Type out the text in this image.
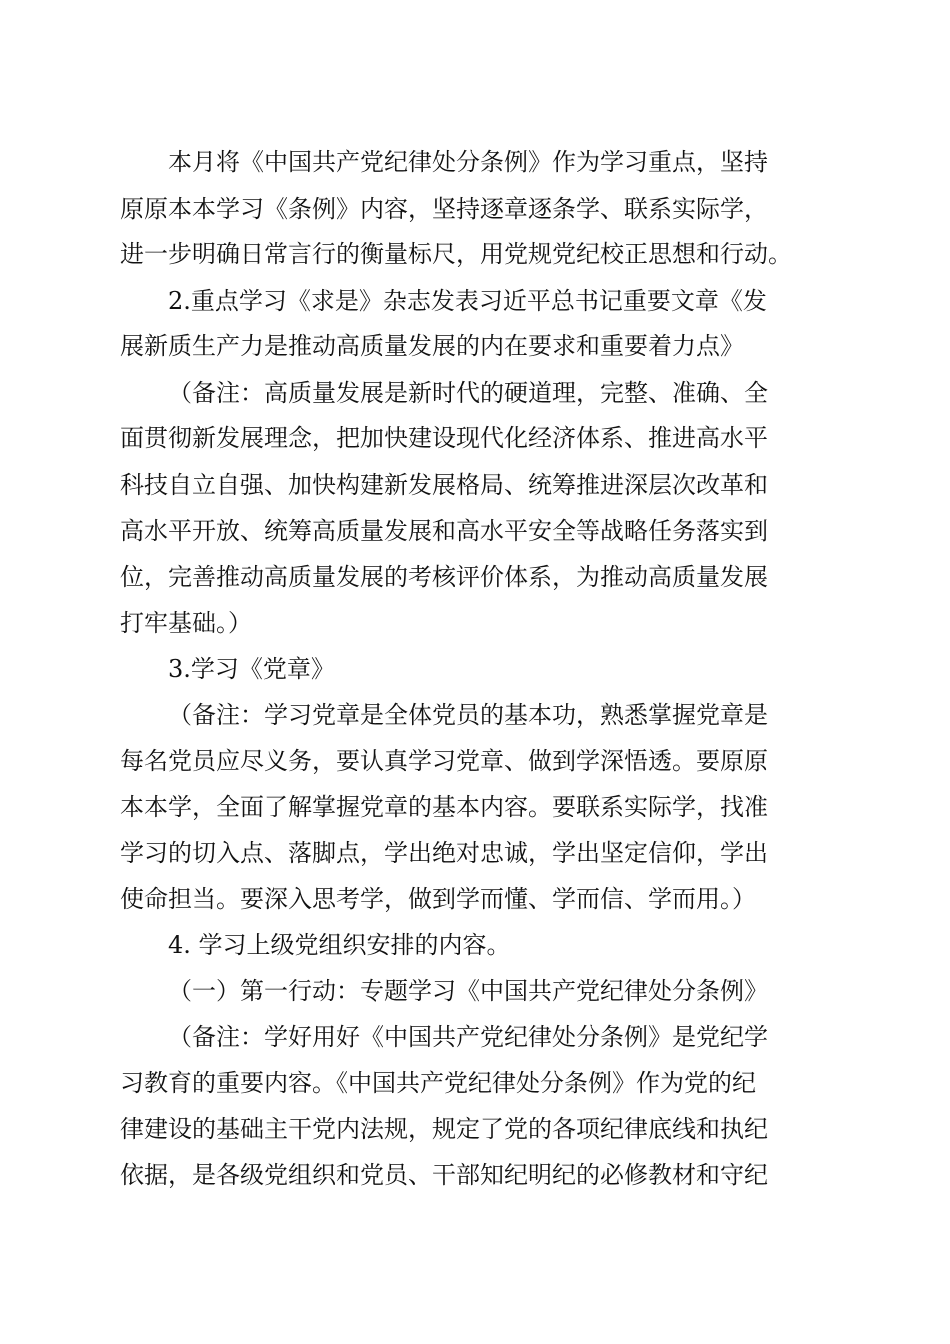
本月将《中国共产党纪律处分条例》作为学习重点，坚持
原原本本学习《条例》内容，坚持逐章逐条学、联系实际学，
进一步明确日常言行的衡量标尺，用党规党纪校正思想和行动。
2.重点学习《求是》杂志发表习近平总书记重要文章《发
展新质生产力是推动高质量发展的内在要求和重要着力点》
（备注：高质量发展是新时代的硬道理，完整、准确、全
面贯彻新发展理念，把加快建设现代化经济体系、推进高水平
科技自立自强、加快构建新发展格局、统筹推进深层次改革和
高水平开放、统筹高质量发展和高水平安全等战略任务落实到
位，完善推动高质量发展的考核评价体系，为推动高质量发展
打牢基础。）
3.学习《党章》
（备注：学习党章是全体党员的基本功，熟悉掌握党章是
每名党员应尽义务，要认真学习党章、做到学深悟透。要原原
本本学，全面了解掌握党章的基本内容。要联系实际学，找准
学习的切入点、落脚点，学出绝对忠诚，学出坚定信仰，学出
使命担当。要深入思考学，做到学而懂、学而信、学而用。）
4. 学习上级党组织安排的内容。
（一）第一行动：专题学习《中国共产党纪律处分条例》
（备注：学好用好《中国共产党纪律处分条例》是党纪学
习教育的重要内容。《中国共产党纪律处分条例》作为党的纪
律建设的基础主干党内法规，规定了党的各项纪律底线和执纪
依据，是各级党组织和党员、干部知纪明纪的必修教材和守纪
